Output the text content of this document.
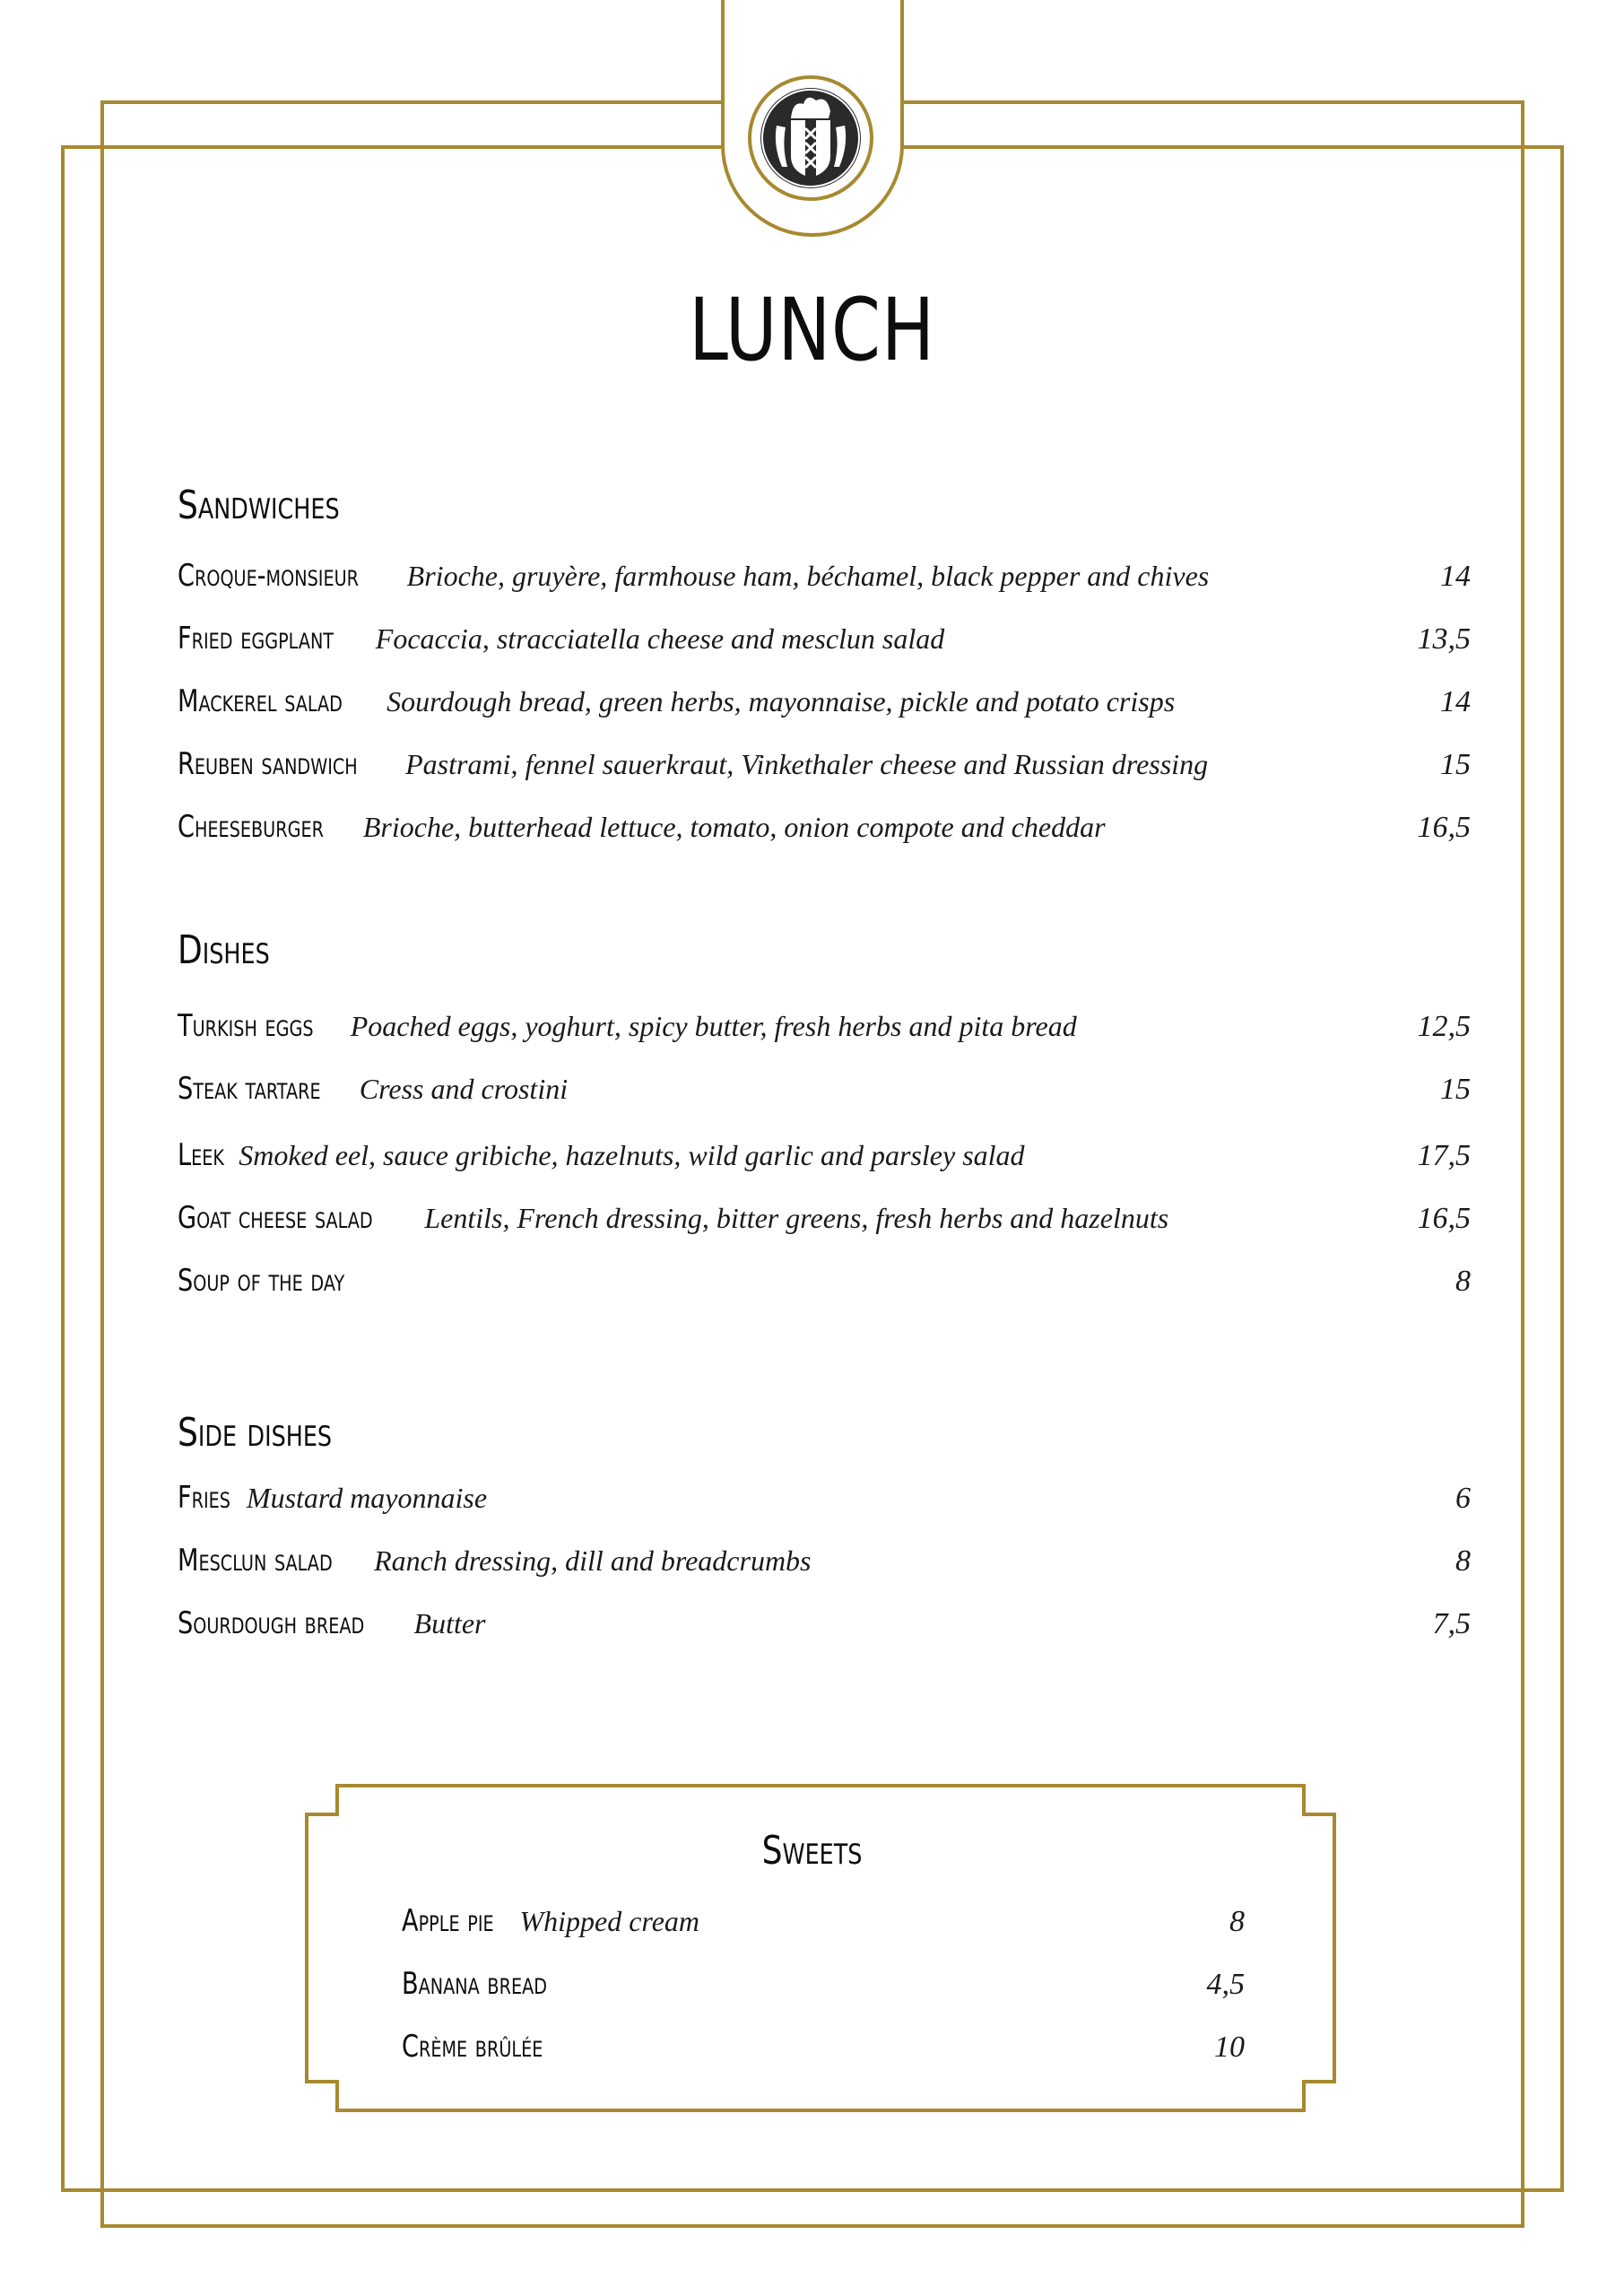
LUNCH
Sandwiches
Croque-monsieur Brioche, gruyère, farmhouse ham, béchamel, black pepper and chives	14
Fried eggplant Focaccia, stracciatella cheese and mesclun salad	13,5
Mackerel salad Sourdough bread, green herbs, mayonnaise, pickle and potato crisps	14
Reuben sandwich Pastrami, fennel sauerkraut, Vinkethaler cheese and Russian dressing	15
Cheeseburger Brioche, butterhead lettuce, tomato, onion compote and cheddar	16,5
Dishes
Turkish eggs Poached eggs, yoghurt, spicy butter, fresh herbs and pita bread	12,5
Steak tartare Cress and crostini	15
Leek Smoked eel, sauce gribiche, hazelnuts, wild garlic and parsley salad	17,5
Goat cheese salad Lentils, French dressing, bitter greens, fresh herbs and hazelnuts	16,5
Soup of the day	8
Side dishes
Fries Mustard mayonnaise	6
Mesclun salad Ranch dressing, dill and breadcrumbs	8
Sourdough bread Butter	7,5
Sweets
Apple pie Whipped cream	8
Banana bread	4,5
Crème brûlée	10
